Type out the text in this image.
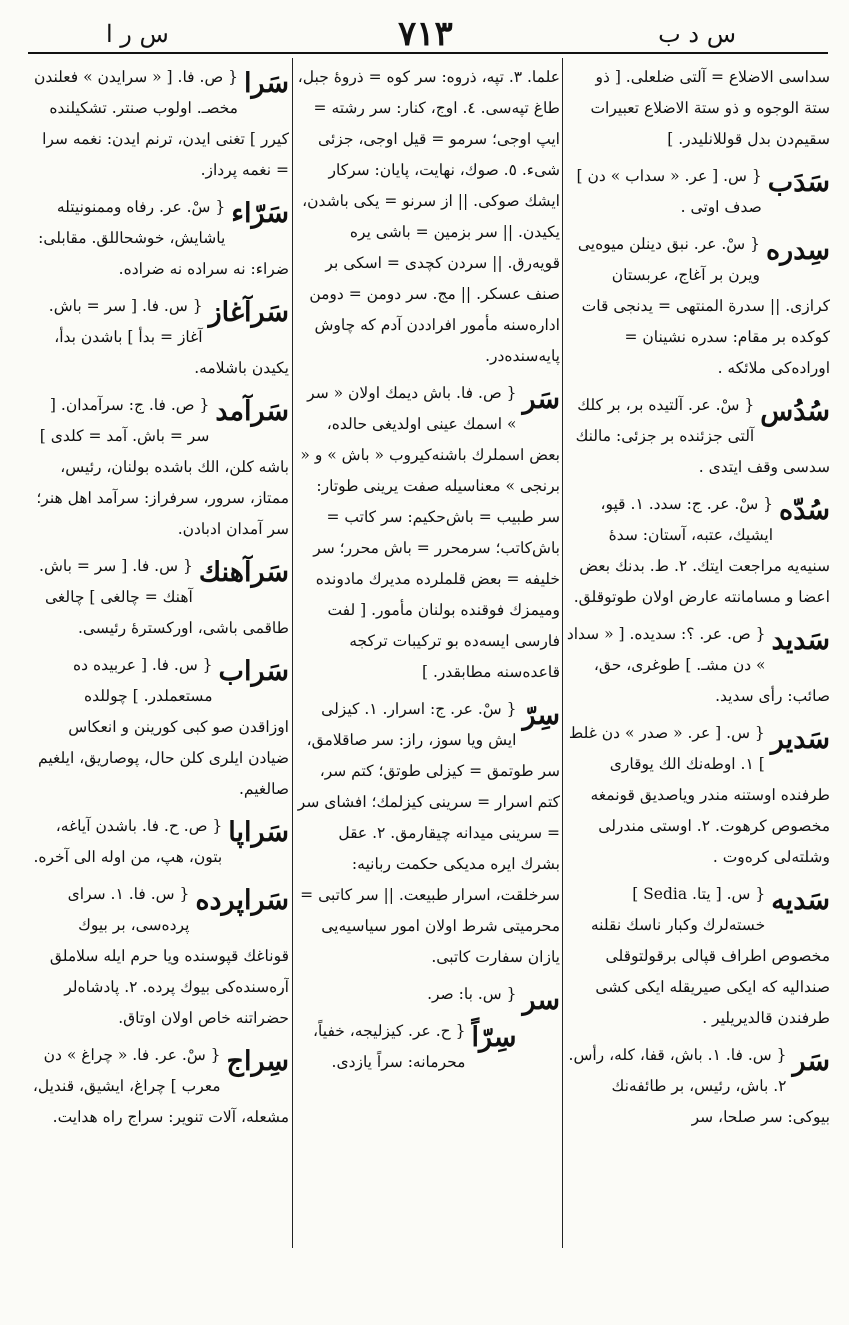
س ر ا	٧١٣	س د ب
سداسی الاضلاع = آلتی ضلعلی. [ ذو ستة الوجوه و ذو ستة الاضلاع تعبیرات سقیم‌دن بدل قوللانلیدر. ]
سَدَب
{ س. [ عر. « سداب » دن ] صدف اوتی .
سِدره
{ سْ. عر. نبق دینلن میوه‌یی ویرن بر آغاج، عربستان کرازی. || سدرة المنتهی = یدنجی قات کوکده بر مقام: سدره نشینان = اوراده‌کی ملائکه .
سُدُس
{ سْ. عر. آلتیده بر، بر کلك آلتی جزئنده بر جزئی: مالنك سدسی وقف ایتدی .
سُدّه
{ سْ. عر. ج: سدد. ١. قپو، ایشیك، عتبه، آستان: سدهٔ سنیه‌یه مراجعت ایتك. ٢. ط. بدنك بعض اعضا و مسامانته عارض اولان طوتوقلق.
سَدید
{ ص. عر. ؟: سدیده. [ « سداد » دن مشـ. ] طوغری، حق، صائب: رأی سدید.
سَدیر
{ س. [ عر. « صدر » دن غلط ] ١. اوطه‌نك الك یوقاری طرفنده اوستنه مندر ویاصدیق قونمغه مخصوص کرهوت. ٢. اوستی مندرلی وشلته‌لی کره‌وت .
سَدیه
{ س. [ یتا. Sedia ] خسته‌لرك وكبار ناسك نقلنه مخصوص اطراف قپالی برقولتوقلی صندالیه که ایکی صیریقله ایکی کشی طرفندن قالدیریلیر .
سَر
{ س. فا. ١. باش، قفا، کله، رأس. ٢. باش، رئیس، بر طائفه‌نك بیوکی: سر صلحا، سر
علما. ٣. تپه، ذروه: سر کوه = ذروهٔ جبل، طاغ تپه‌سی. ٤. اوج، کنار: سر رشته = ایپ اوجی؛ سرمو = قیل اوجی، جزئی شیء. ٥. صوك، نهایت، پایان: سرکار ایشك صوکی. || از سرنو = یکی باشدن، یکیدن. || سر بزمین = باشی یره قویه‌رق. || سردن کچدی = اسکی بر صنف عسکر. || مج. سر دومن = دومن اداره‌سنه مأمور افراددن آدم که چاوش پایه‌سنده‌در.
سَر
{ ص. فا. باش دیمك اولان « سر » اسمك عینی اولدیغی حالده، بعض اسملرك باشنه‌کیروب « باش » و « برنجی » معناسیله صفت یرینی طوتار: سر طبیب = باش‌حکیم: سر کاتب = باش‌کاتب؛ سرمحرر = باش محرر؛ سر خلیفه = بعض قلملرده مدیرك مادونده ومیمزك فوقنده بولنان مأمور. [ لفت فارسی ایسه‌ده بو ترکیبات ترکجه قاعده‌سنه مطابقدر. ]
سِرّ
{ سْ. عر. ج: اسرار. ١. کیزلی ایش ویا سوز، راز: سر صاقلامق، سر طوتمق = کیزلی طوتق؛ کتم سر، کتم اسرار = سرینی کیزلمك؛ افشای سر = سرینی میدانه چیقارمق. ٢. عقل بشرك ایره مدیکی حکمت ربانیه: سرخلقت، اسرار طبیعت. || سر کاتبی = محرمیتی شرط اولان امور سیاسیه‌یی یازان سفارت کاتبی.
سر
{ س. با: صر.
سِرّاً
{ ح. عر. کیزلیجه، خفیاً، محرمانه: سراً یازدی.
سَرا
{ ص. فا. [ « سرایدن » فعلندن مخصـ. اولوب صنتر. تشکیلنده کیرر ] تغنی ایدن، ترنم ایدن: نغمه سرا = نغمه پرداز.
سَرّاء
{ سْ. عر. رفاه وممنونیتله یاشایش، خوشحاللق. مقابلی: ضراء: نه سراده نه ضراده.
سَرآغاز
{ س. فا. [ سر = باش. آغاز = بدأ ] باشدن بدأ، یکیدن باشلامه.
سَرآمد
{ ص. فا. ج: سرآمدان. [ سر = باش. آمد = کلدی ] باشه کلن، الك باشده بولنان، رئیس، ممتاز، سرور، سرفراز: سرآمد اهل هنر؛ سر آمدان ادبادن.
سَرآهنك
{ س. فا. [ سر = باش. آهنك = چالغی ] چالغی طاقمی باشی، اورکسترهٔ رئیسی.
سَراب
{ س. فا. [ عربیده ده مستعملدر. ] چوللده اوزاقدن صو کبی کورینن و انعکاس ضیادن ایلری کلن حال، پوصاریق، ایلغیم صالغیم.
سَراپا
{ ص. ح. فا. باشدن آیاغه، بتون، هپ، من اوله الی آخره.
سَراپرده
{ س. فا. ١. سرای پرده‌سی، بر بیوك قوناغك قپوسنده ویا حرم ایله سلاملق آره‌سنده‌کی بیوك پرده. ٢. پادشاه‌لر حضراتنه خاص اولان اوتاق.
سِراج
{ سْ. عر. فا. « چراغ » دن معرب ] چراغ، ایشیق، قندیل، مشعله، آلات تنویر: سراج راه هدایت.
